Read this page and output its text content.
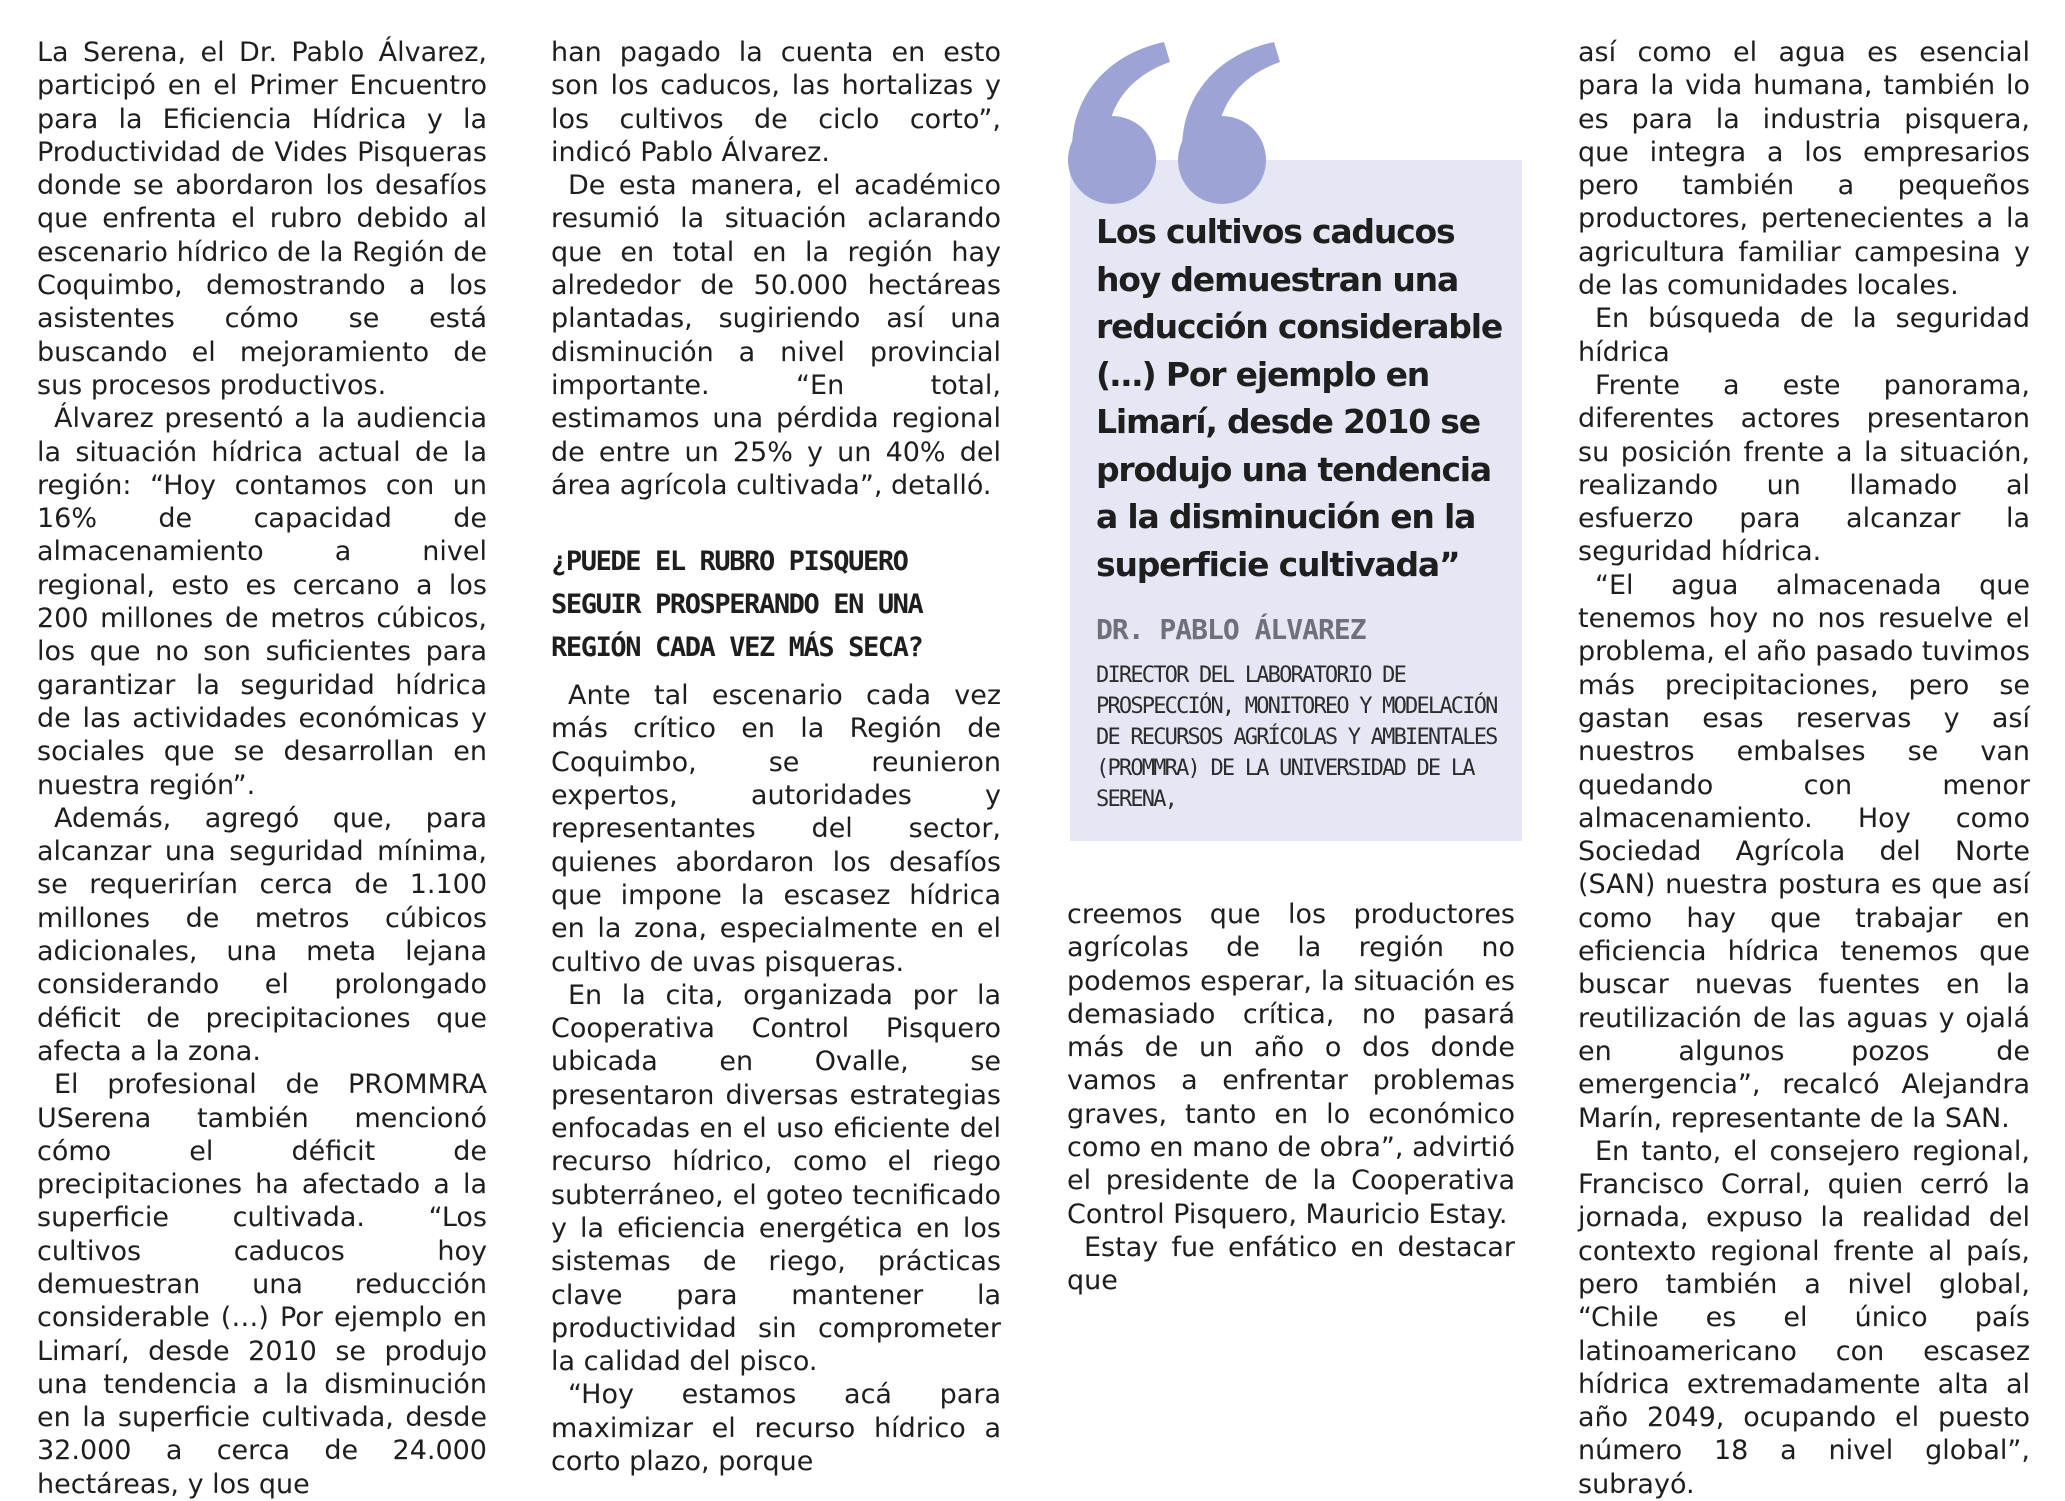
La Serena, el Dr. Pablo Álvarez, participó en el Primer Encuentro para la Eficiencia Hídrica y la Productividad de Vides Pisqueras donde se abordaron los desafíos que enfrenta el rubro debido al escenario hídrico de la Región de Coquimbo, demostrando a los asistentes cómo se está buscando el mejoramiento de sus procesos productivos.

Álvarez presentó a la audiencia la situación hídrica actual de la región: “Hoy contamos con un 16% de capacidad de almacenamiento a nivel regional, esto es cercano a los 200 millones de metros cúbicos, los que no son suficientes para garantizar la seguridad hídrica de las actividades económicas y sociales que se desarrollan en nuestra región”.

Además, agregó que, para alcanzar una seguridad mínima, se requerirían cerca de 1.100 millones de metros cúbicos adicionales, una meta lejana considerando el prolongado déficit de precipitaciones que afecta a la zona.

El profesional de PROMMRA USerena también mencionó cómo el déficit de precipitaciones ha afectado a la superficie cultivada. “Los cultivos caducos hoy demuestran una reducción considerable (…) Por ejemplo en Limarí, desde 2010 se produjo una tendencia a la disminución en la superficie cultivada, desde 32.000 a cerca de 24.000 hectáreas, y los que

han pagado la cuenta en esto son los caducos, las hortalizas y los cultivos de ciclo corto”, indicó Pablo Álvarez.

De esta manera, el académico resumió la situación aclarando que en total en la región hay alrededor de 50.000 hectáreas plantadas, sugiriendo así una disminución a nivel provincial importante. “En total, estimamos una pérdida regional de entre un 25% y un 40% del área agrícola cultivada”, detalló.

¿PUEDE EL RUBRO PISQUERO SEGUIR PROSPERANDO EN UNA REGIÓN CADA VEZ MÁS SECA?

Ante tal escenario cada vez más crítico en la Región de Coquimbo, se reunieron expertos, autoridades y representantes del sector, quienes abordaron los desafíos que impone la escasez hídrica en la zona, especialmente en el cultivo de uvas pisqueras.

En la cita, organizada por la Cooperativa Control Pisquero ubicada en Ovalle, se presentaron diversas estrategias enfocadas en el uso eficiente del recurso hídrico, como el riego subterráneo, el goteo tecnificado y la eficiencia energética en los sistemas de riego, prácticas clave para mantener la productividad sin comprometer la calidad del pisco.

“Hoy estamos acá para maximizar el recurso hídrico a corto plazo, porque

Los cultivos caducos hoy demuestran una reducción considerable (…) Por ejemplo en Limarí, desde 2010 se produjo una tendencia a la disminución en la superficie cultivada”

DR. PABLO ÁLVAREZ

DIRECTOR DEL LABORATORIO DE PROSPECCIÓN, MONITOREO Y MODELACIÓN DE RECURSOS AGRÍCOLAS Y AMBIENTALES (PROMMRA) DE LA UNIVERSIDAD DE LA SERENA,

creemos que los productores agrícolas de la región no podemos esperar, la situación es demasiado crítica, no pasará más de un año o dos donde vamos a enfrentar problemas graves, tanto en lo económico como en mano de obra”, advirtió el presidente de la Cooperativa Control Pisquero, Mauricio Estay.

Estay fue enfático en destacar que

así como el agua es esencial para la vida humana, también lo es para la industria pisquera, que integra a los empresarios pero también a pequeños productores, pertenecientes a la agricultura familiar campesina y de las comunidades locales.

En búsqueda de la seguridad hídrica

Frente a este panorama, diferentes actores presentaron su posición frente a la situación, realizando un llamado al esfuerzo para alcanzar la seguridad hídrica.

“El agua almacenada que tenemos hoy no nos resuelve el problema, el año pasado tuvimos más precipitaciones, pero se gastan esas reservas y así nuestros embalses se van quedando con menor almacenamiento. Hoy como Sociedad Agrícola del Norte (SAN) nuestra postura es que así como hay que trabajar en eficiencia hídrica tenemos que buscar nuevas fuentes en la reutilización de las aguas y ojalá en algunos pozos de emergencia”, recalcó Alejandra Marín, representante de la SAN.

En tanto, el consejero regional, Francisco Corral, quien cerró la jornada, expuso la realidad del contexto regional frente al país, pero también a nivel global, “Chile es el único país latinoamericano con escasez hídrica extremadamente alta al año 2049, ocupando el puesto número 18 a nivel global”, subrayó.
